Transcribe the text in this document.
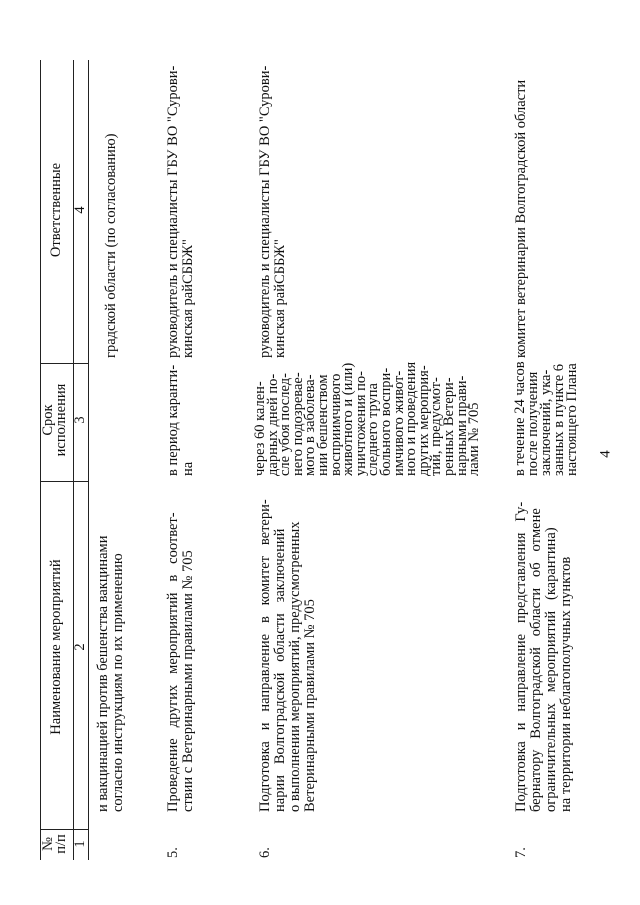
4
№
п/п
Наименование мероприятий
Срок
исполнения
Ответственные
1
2
3
4
и вакцинацией против бешенства вакцинами
согласно инструкциям по их применению
градской области (по согласованию)
5.
Проведение   других   мероприятий   в   соответ-
ствии с Ветеринарными правилами № 705
в период каранти-
на
руководитель и специалисты ГБУ ВО "Сурови-
кинская райСББЖ"
6.
Подготовка   и   направление   в   комитет   ветери-
нарии   Волгоградской   области   заключений
о выполнении мероприятий, предусмотренных
Ветеринарными правилами № 705
через 60 кален-
дарных дней по-
сле убоя послед-
него подозревае-
мого в заболева-
нии бешенством
восприимчивого
животного и (или)
уничтожения по-
следнего трупа
больного воспри-
имчивого живот-
ного и проведения
других мероприя-
тий, предусмот-
ренных Ветери-
нарными прави-
лами № 705
руководитель и специалисты ГБУ ВО "Сурови-
кинская райСББЖ"
7.
Подготовка   и   направление   представления   Гу-
бернатору   Волгоградской   области   об   отмене
ограничительных   мероприятий   (карантина)
на территории неблагополучных пунктов
в течение 24 часов
после получения
заключений, ука-
занных в пункте 6
настоящего Плана
комитет ветеринарии Волгоградской области
